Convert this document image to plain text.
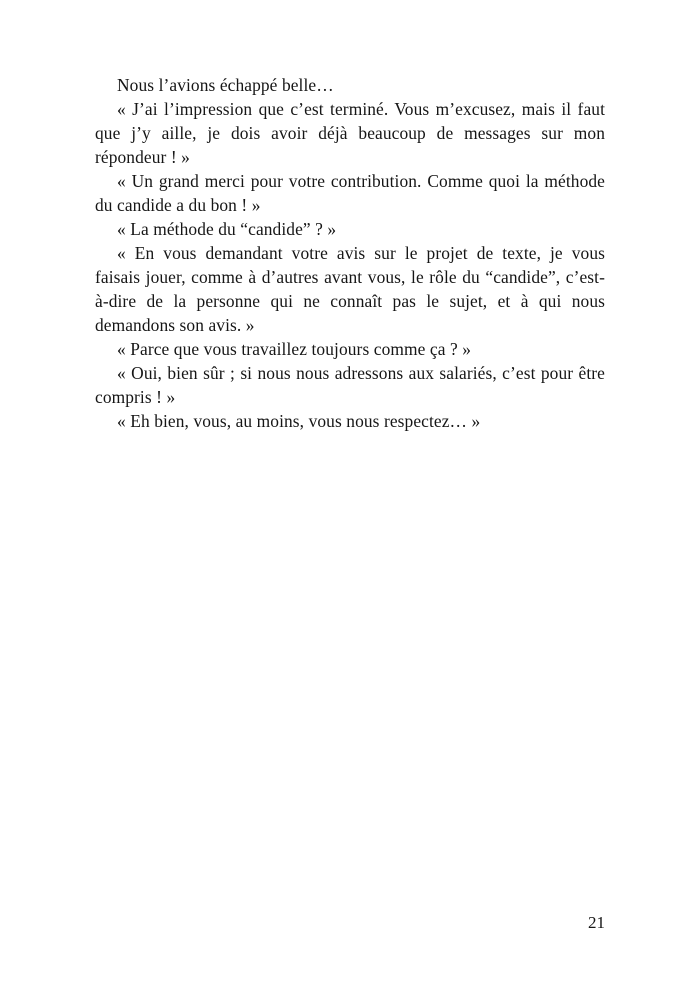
Nous l’avions échappé belle…

« J’ai l’impression que c’est terminé. Vous m’excusez, mais il faut
que j’y aille, je dois avoir déjà beaucoup de messages sur mon
répondeur ! »

« Un grand merci pour votre contribution. Comme quoi la méthode
du candide a du bon ! »

« La méthode du “candide” ? »

« En vous demandant votre avis sur le projet de texte, je vous
faisais jouer, comme à d’autres avant vous, le rôle du “candide”, c’est-
à-dire de la personne qui ne connaît pas le sujet, et à qui nous
demandons son avis. »

« Parce que vous travaillez toujours comme ça ? »

« Oui, bien sûr ; si nous nous adressons aux salariés, c’est pour être
compris ! »

« Eh bien, vous, au moins, vous nous respectez… »

21
